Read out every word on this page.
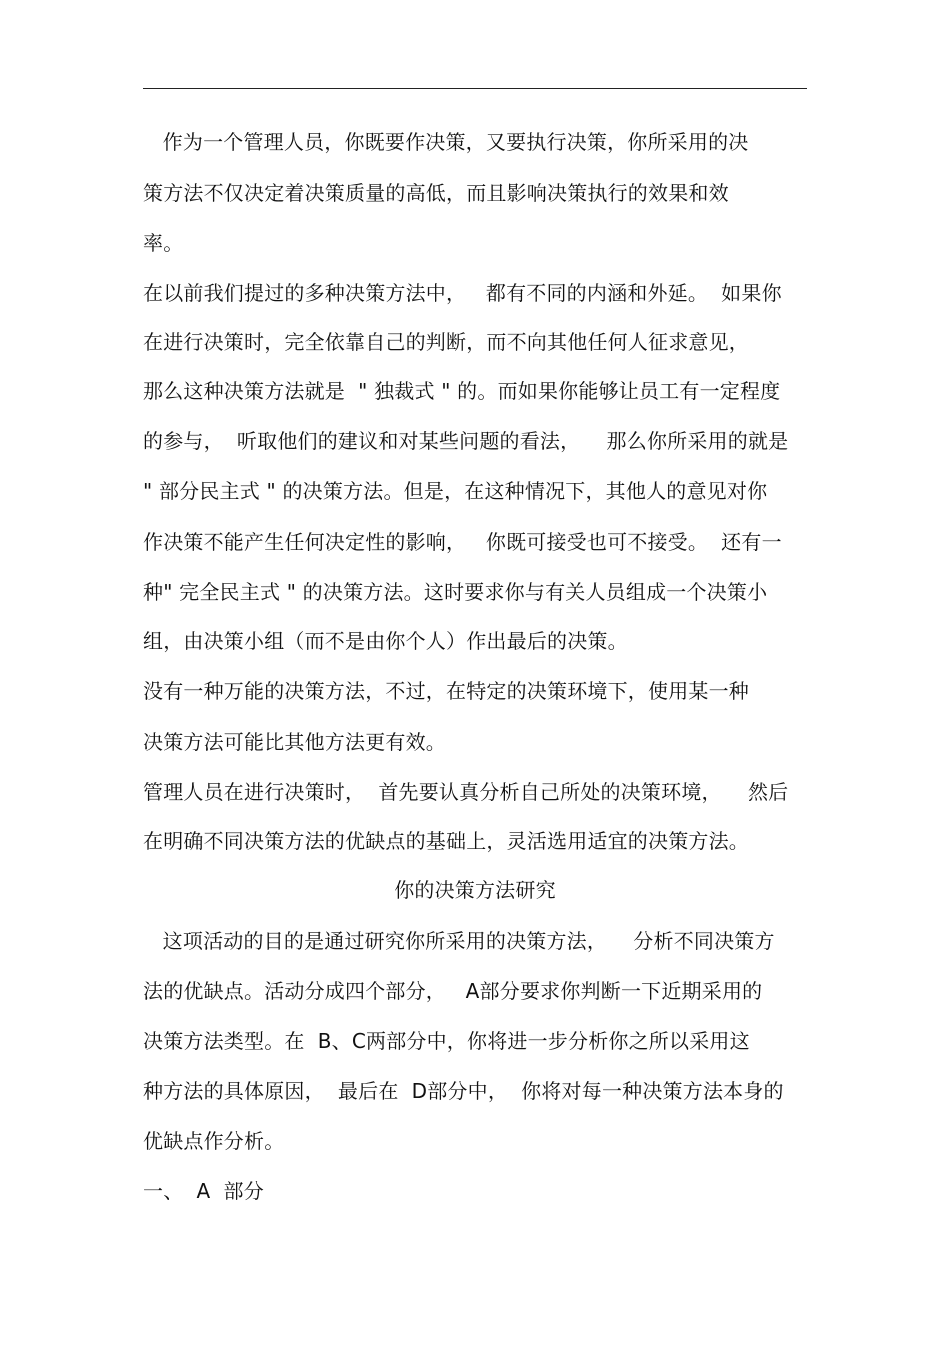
作为一个管理人员，你既要作决策，又要执行决策，你所采用的决
策方法不仅决定着决策质量的高低，而且影响决策执行的效果和效
率。
在以前我们提过的多种决策方法中，   都有不同的内涵和外延。  如果你
在进行决策时，完全依靠自己的判断，而不向其他任何人征求意见，
那么这种决策方法就是  " 独裁式 " 的。而如果你能够让员工有一定程度
的参与，  听取他们的建议和对某些问题的看法，    那么你所采用的就是
" 部分民主式 " 的决策方法。但是，在这种情况下，其他人的意见对你
作决策不能产生任何决定性的影响，   你既可接受也可不接受。  还有一
种" 完全民主式 " 的决策方法。这时要求你与有关人员组成一个决策小
组，由决策小组（而不是由你个人）作出最后的决策。
没有一种万能的决策方法，不过，在特定的决策环境下，使用某一种
决策方法可能比其他方法更有效。
管理人员在进行决策时，  首先要认真分析自己所处的决策环境，    然后
在明确不同决策方法的优缺点的基础上，灵活选用适宜的决策方法。
你的决策方法研究
这项活动的目的是通过研究你所采用的决策方法，    分析不同决策方
法的优缺点。活动分成四个部分，   A部分要求你判断一下近期采用的
决策方法类型。在  B、C两部分中，你将进一步分析你之所以采用这
种方法的具体原因，  最后在  D部分中，  你将对每一种决策方法本身的
优缺点作分析。
一、  A  部分
